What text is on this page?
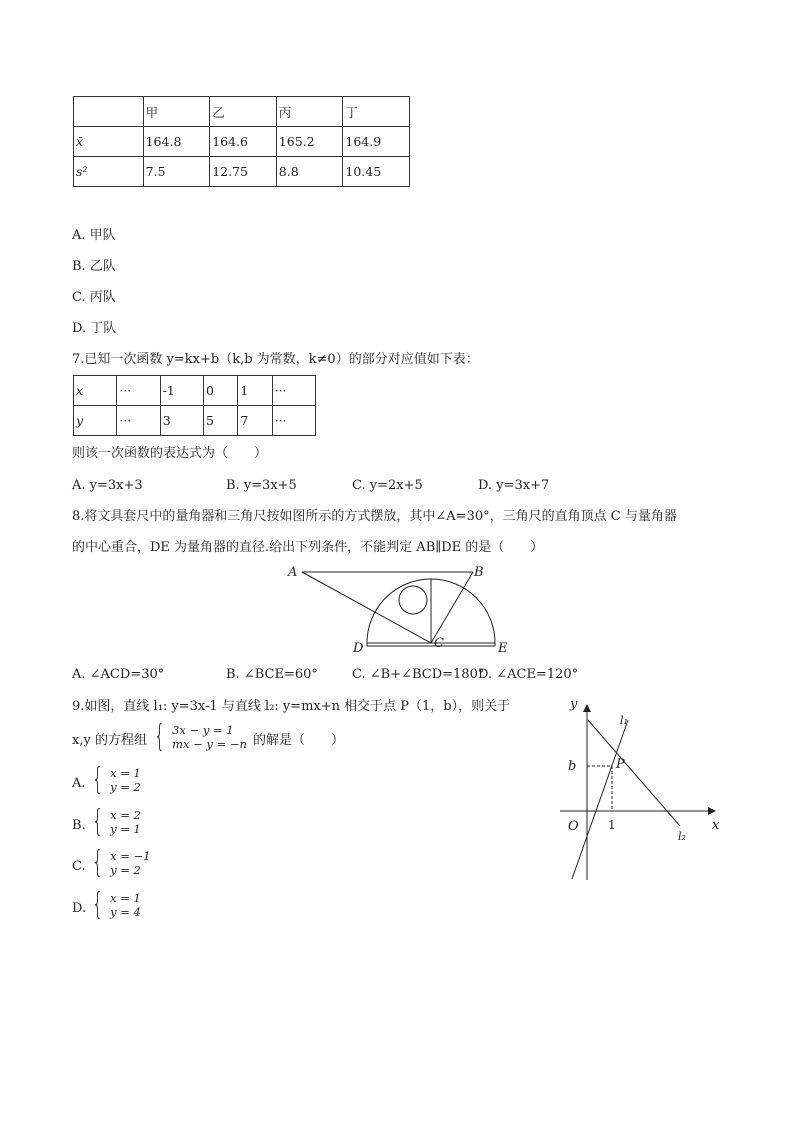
	甲	乙	丙	丁
x̄	164.8	164.6	165.2	164.9
s²	7.5	12.75	8.8	10.45
A. 甲队
B. 乙队
C. 丙队
D. 丁队
7.已知一次函数 y=kx+b（k,b 为常数，k≠0）的部分对应值如下表：
x	···	-1	0	1	···
y	···	3	5	7	···
则该一次函数的表达式为（　　）
A. y=3x+3	B. y=3x+5	C. y=2x+5	D. y=3x+7
8.将文具套尺中的量角器和三角尺按如图所示的方式摆放，其中∠A=30°，三角尺的直角顶点 C 与量角器
的中心重合，DE 为量角器的直径.给出下列条件，不能判定 AB∥DE 的是（　　）
A	B
C
D	E
A. ∠ACD=30°	B. ∠BCE=60°	C. ∠B+∠BCD=180°
D. ∠ACE=120°
9.如图，直线 l₁: y=3x-1 与直线 l₂: y=mx+n 相交于点 P（1，b），则关于
x,y 的方程组 { 3x − y = 1
mx − y = −n 的解是（　　）
A. { x = 1
y = 2
B. { x = 2
y = 1
C. { x = −1
y = 2
D. { x = 1
y = 4
y
x
O
b	P
l₁
l₂
1
